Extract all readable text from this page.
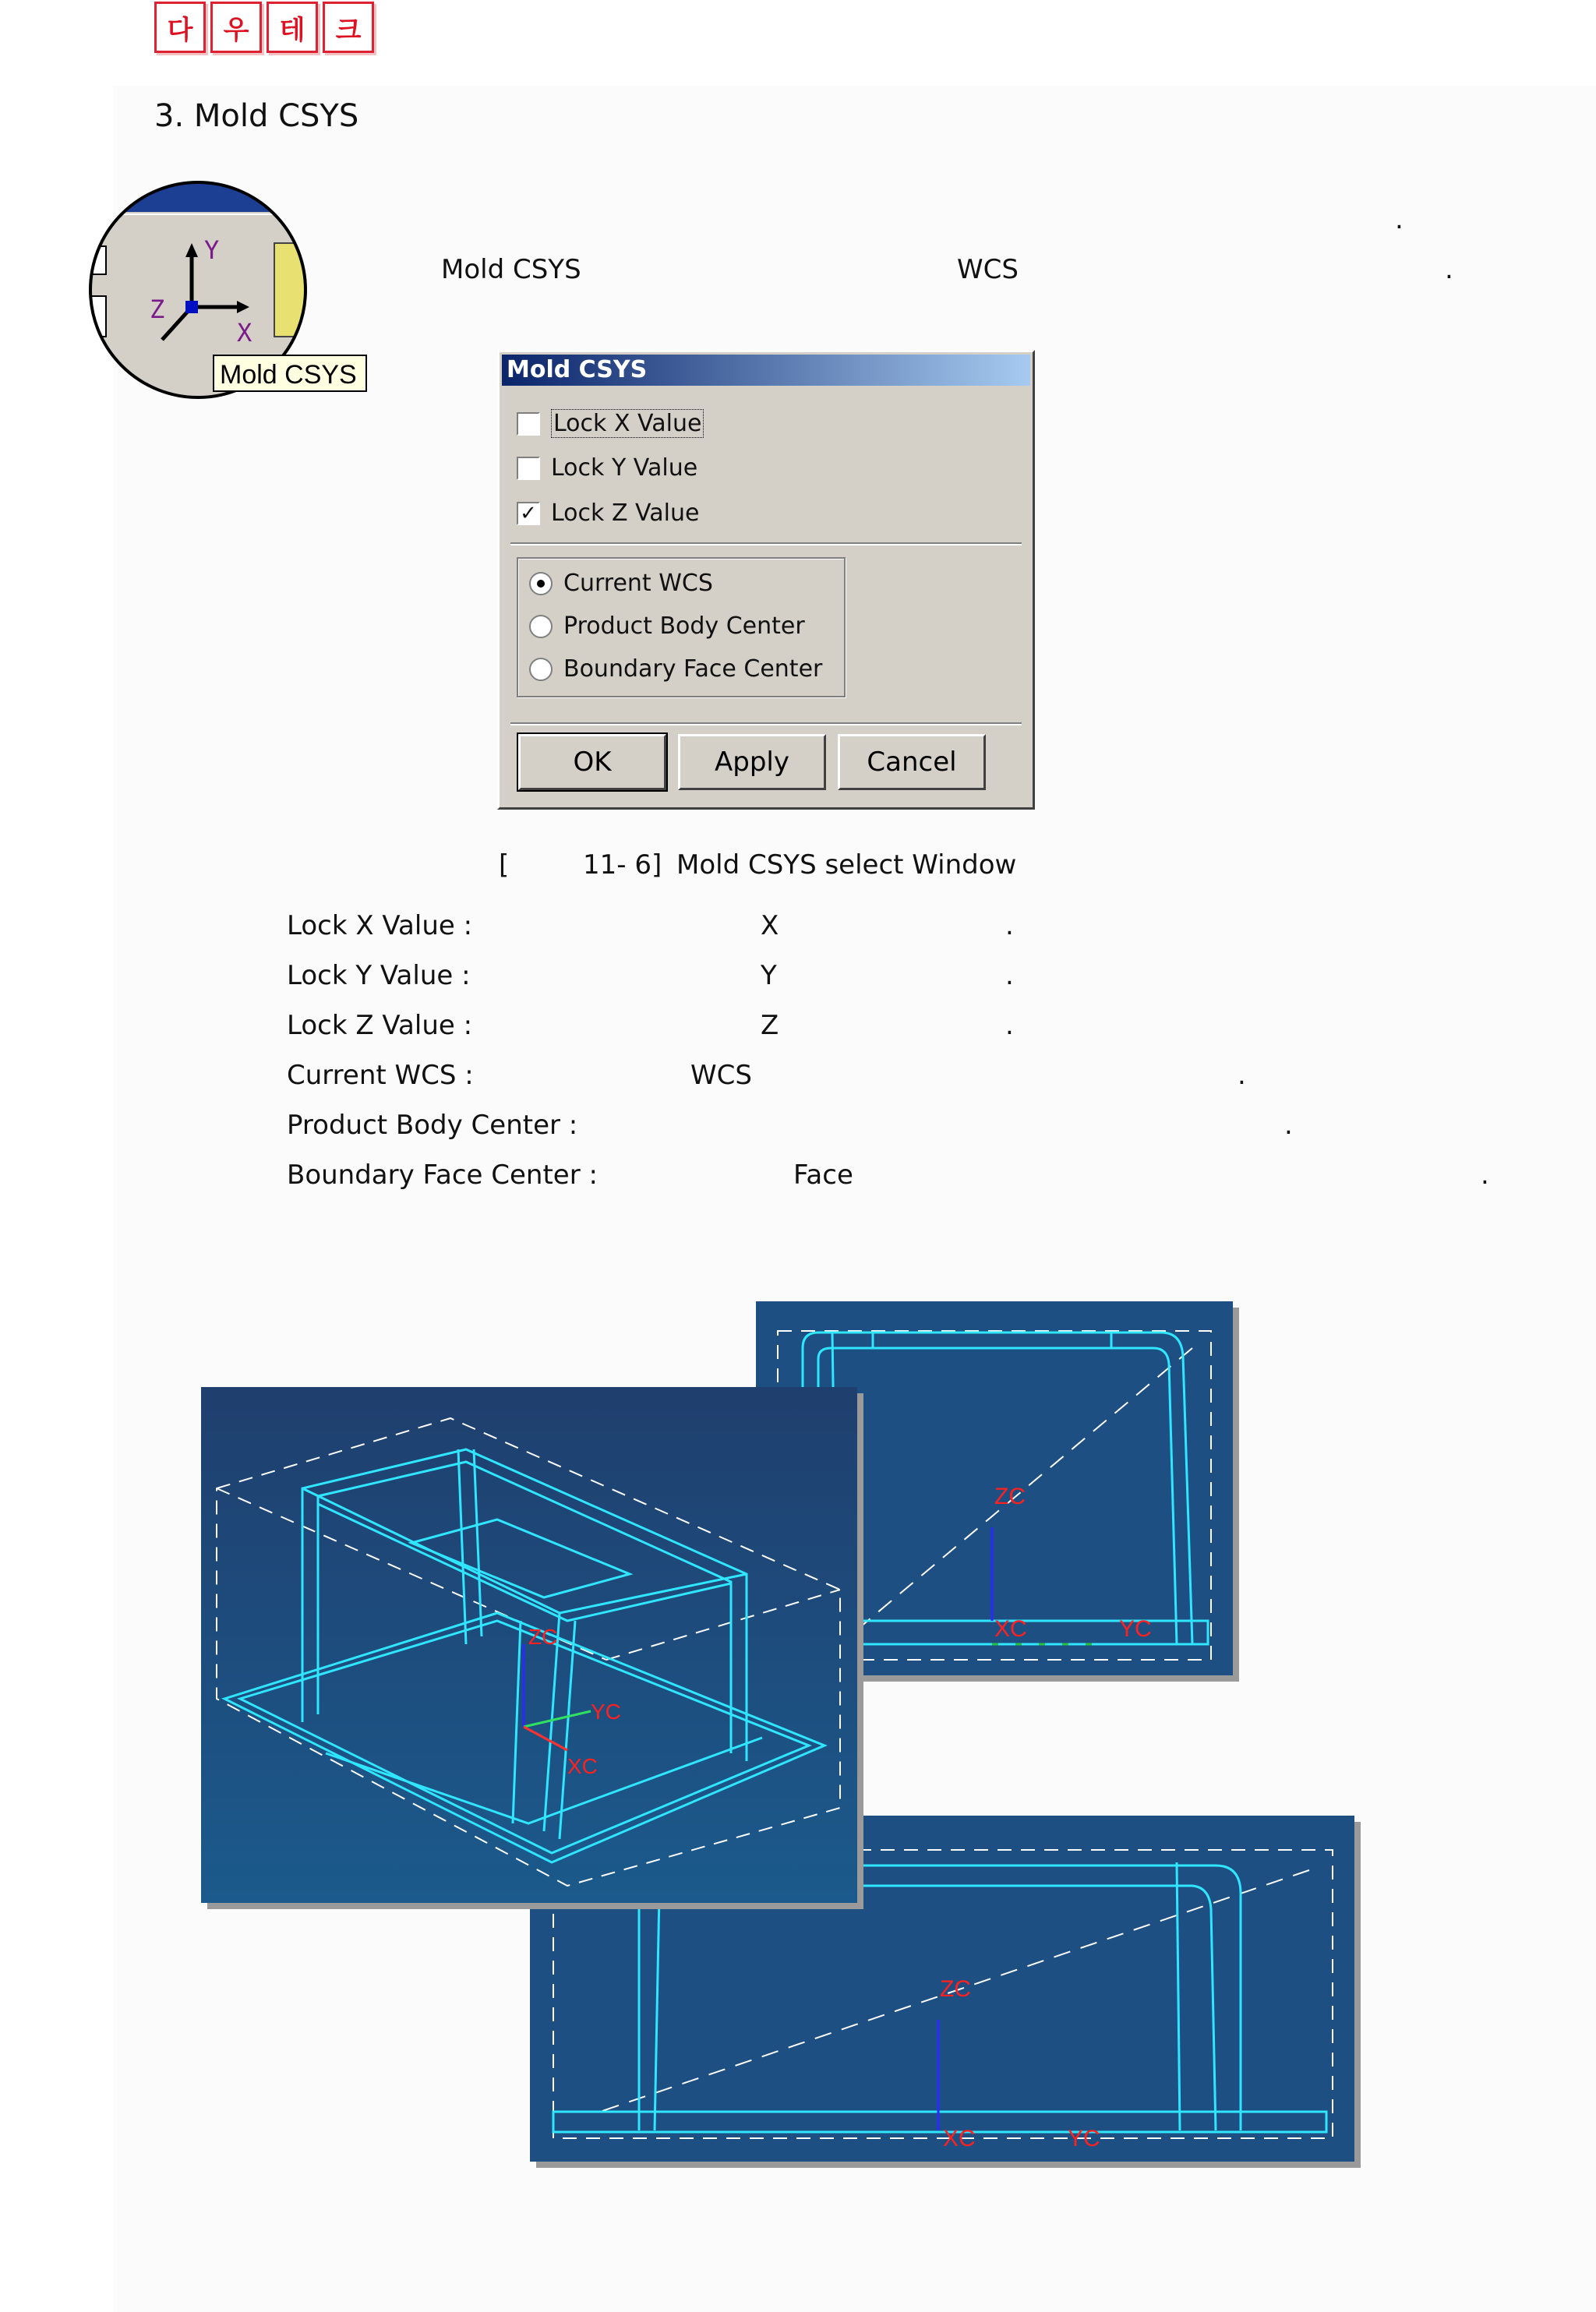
다	우	테	크
3. Mold CSYS
Y
Z
X
Mold CSYS
.
Mold CSYS	WCS	.
Mold CSYS
Lock X Value
Lock Y Value
✓ Lock Z Value
Current WCS
Product Body Center
Boundary Face Center
OK	Apply	Cancel
[	11- 6] Mold CSYS select Window
Lock X Value :	X	.
Lock Y Value :	Y	.
Lock Z Value :	Z	.
Current WCS :	WCS	.
Product Body Center :	.
Boundary Face Center :	Face	.
ZC
XC	YC
ZC
XC	YC
ZC
YC
XC
